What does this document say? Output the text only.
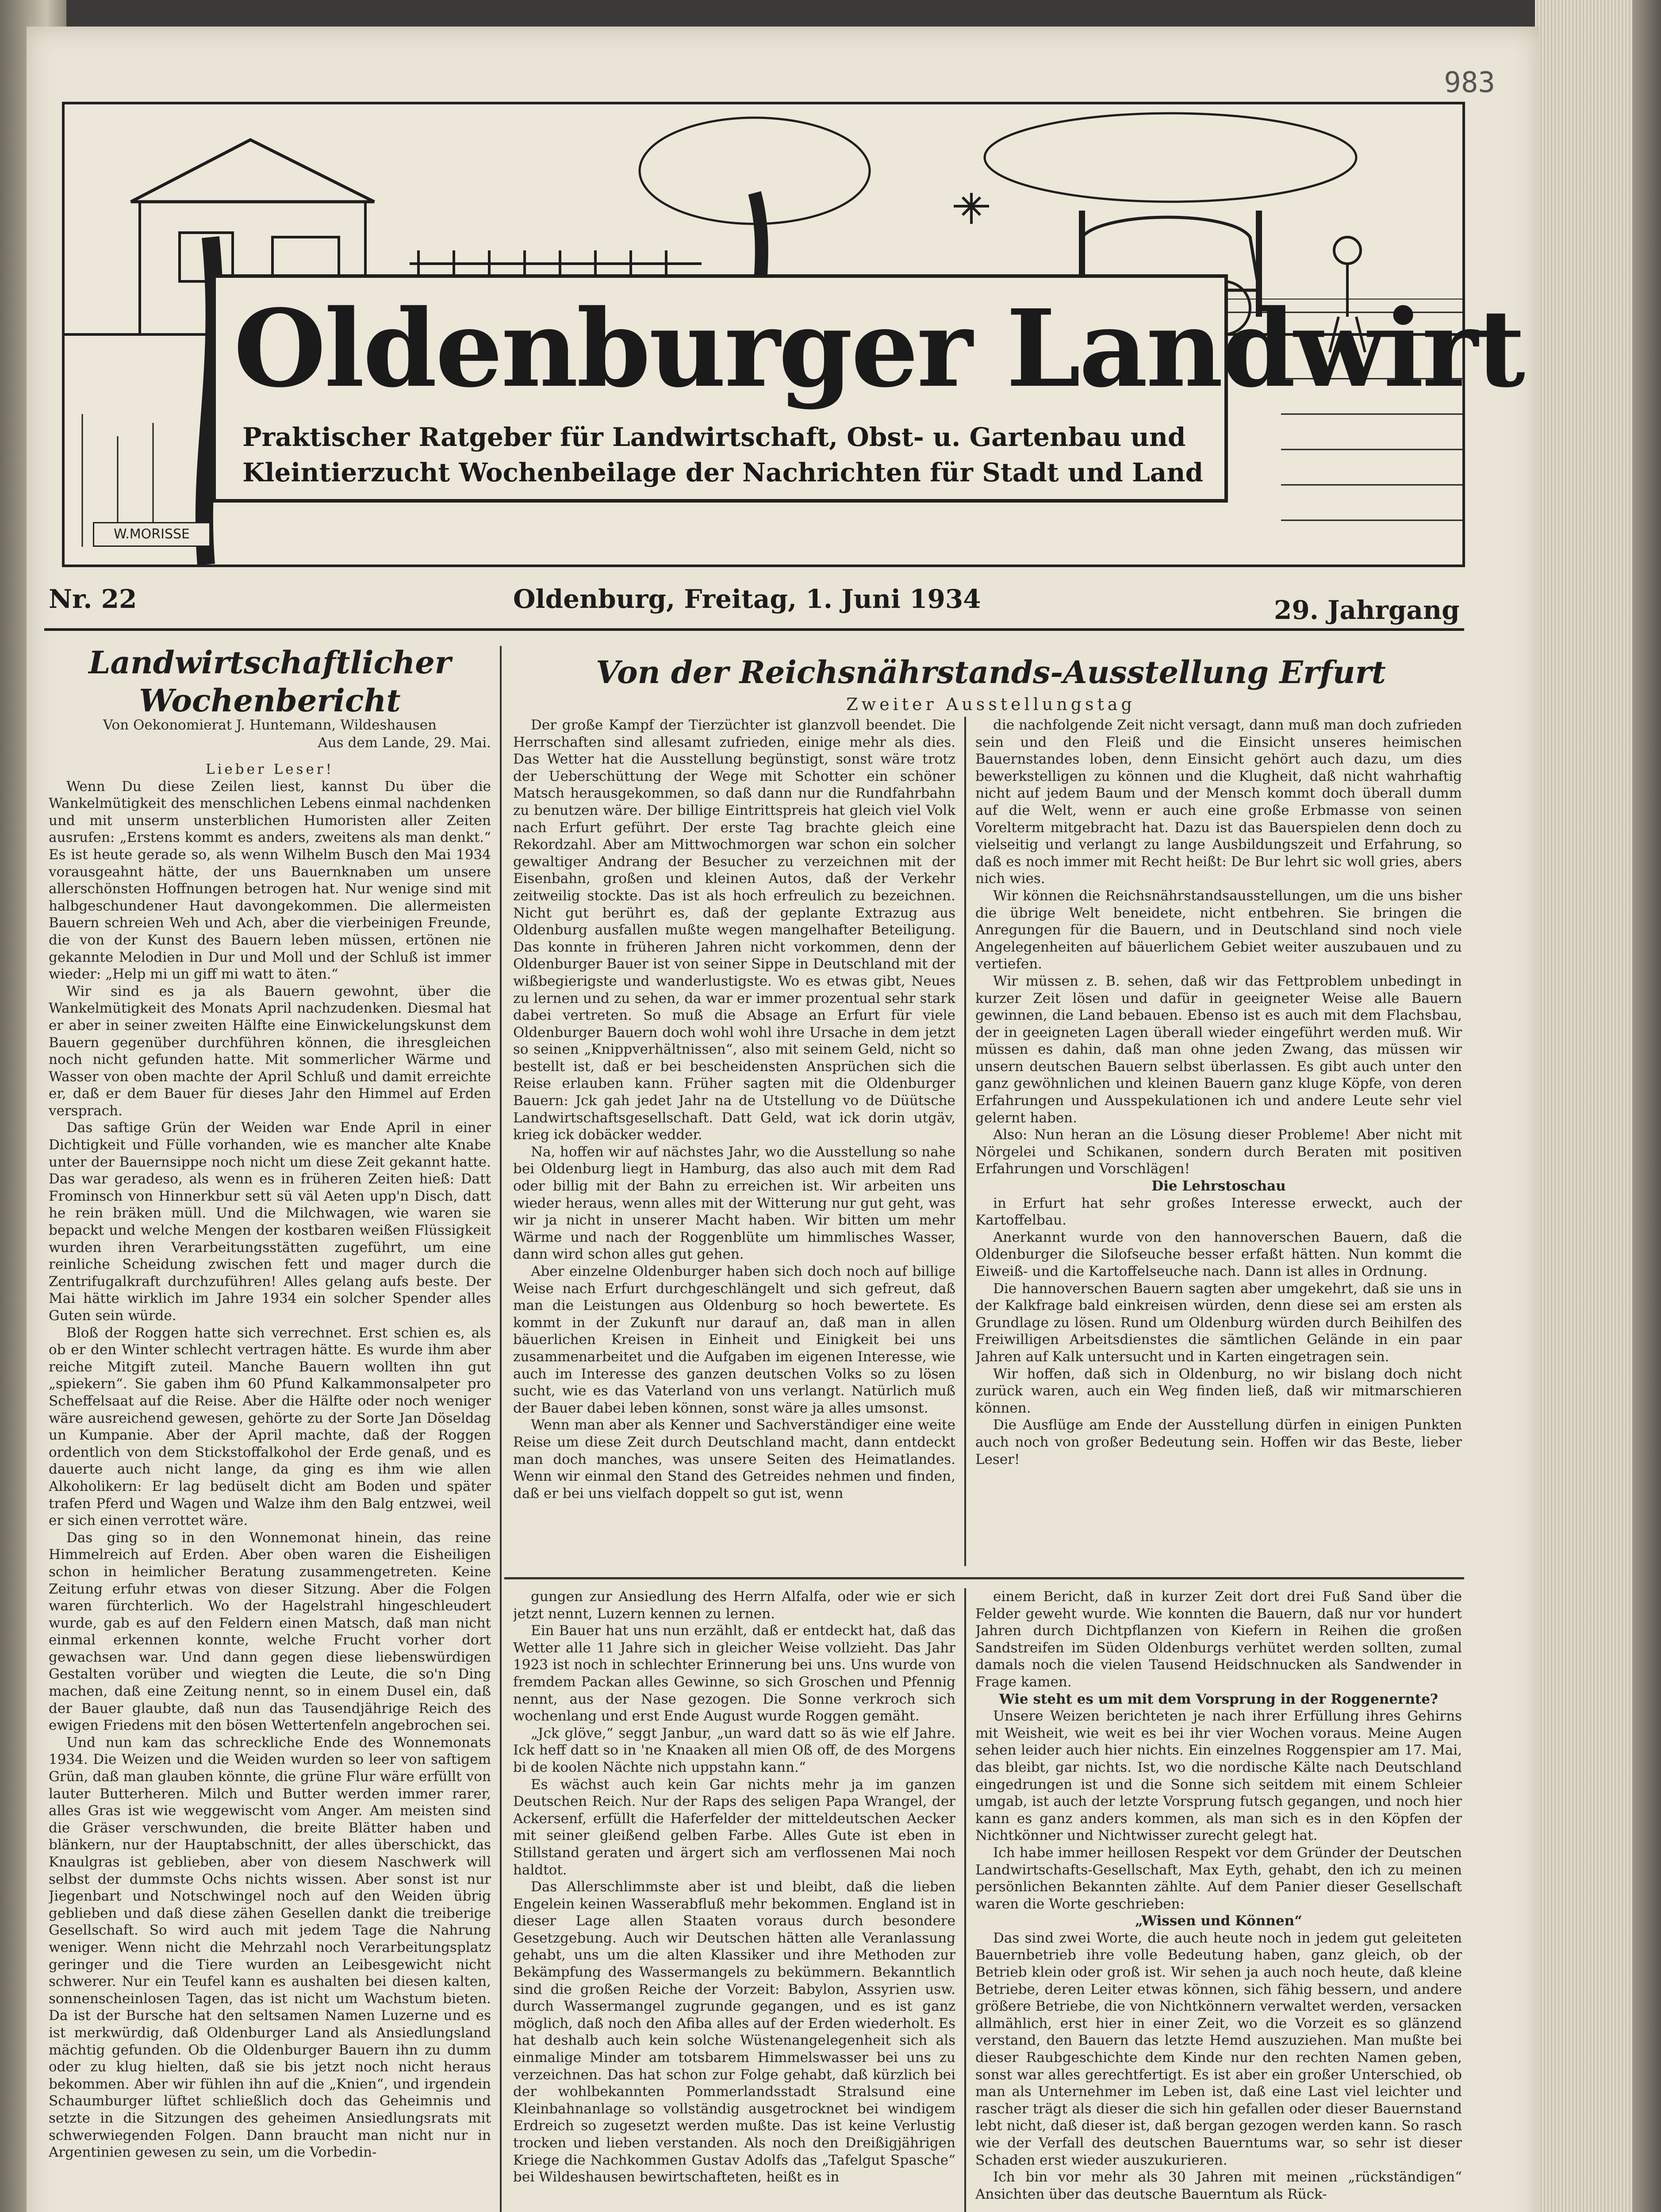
983
Oldenburger Landwirt
Praktischer Ratgeber für Landwirtschaft, Obst- u. Gartenbau und
Kleintierzucht Wochenbeilage der Nachrichten für Stadt und Land
W.MORISSE
Nr. 22	Oldenburg, Freitag, 1. Juni 1934	29. Jahrgang
Landwirtschaftlicher Wochenbericht
Von Oekonomierat J. Huntemann, Wildeshausen
Aus dem Lande, 29. Mai.

Lieber Leser!

Wenn Du diese Zeilen liest, kannst Du über die Wankelmütigkeit des menschlichen Lebens einmal nachdenken und mit unserm unsterblichen Humoristen aller Zeiten ausrufen: „Erstens kommt es anders, zweitens als man denkt.“ Es ist heute gerade so, als wenn Wilhelm Busch den Mai 1934 vorausgeahnt hätte, der uns Bauernknaben um unsere allerschönsten Hoffnungen betrogen hat. Nur wenige sind mit halbgeschundener Haut davongekommen. Die allermeisten Bauern schreien Weh und Ach, aber die vierbeinigen Freunde, die von der Kunst des Bauern leben müssen, ertönen nie gekannte Melodien in Dur und Moll und der Schluß ist immer wieder: „Help mi un giff mi watt to äten.“

Wir sind es ja als Bauern gewohnt, über die Wankelmütigkeit des Monats April nachzudenken. Diesmal hat er aber in seiner zweiten Hälfte eine Einwickelungskunst dem Bauern gegenüber durchführen können, die ihresgleichen noch nicht gefunden hatte. Mit sommerlicher Wärme und Wasser von oben machte der April Schluß und damit erreichte er, daß er dem Bauer für dieses Jahr den Himmel auf Erden versprach.

Das saftige Grün der Weiden war Ende April in einer Dichtigkeit und Fülle vorhanden, wie es mancher alte Knabe unter der Bauernsippe noch nicht um diese Zeit gekannt hatte. Das war geradeso, als wenn es in früheren Zeiten hieß: Datt Frominsch von Hinnerkbur sett sü väl Aeten upp'n Disch, datt he rein bräken müll. Und die Milchwagen, wie waren sie bepackt und welche Mengen der kostbaren weißen Flüssigkeit wurden ihren Verarbeitungsstätten zugeführt, um eine reinliche Scheidung zwischen fett und mager durch die Zentrifugalkraft durchzuführen! Alles gelang aufs beste. Der Mai hätte wirklich im Jahre 1934 ein solcher Spender alles Guten sein würde.

Bloß der Roggen hatte sich verrechnet. Erst schien es, als ob er den Winter schlecht vertragen hätte. Es wurde ihm aber reiche Mitgift zuteil. Manche Bauern wollten ihn gut „spiekern“. Sie gaben ihm 60 Pfund Kalkammonsalpeter pro Scheffelsaat auf die Reise. Aber die Hälfte oder noch weniger wäre ausreichend gewesen, gehörte zu der Sorte Jan Döseldag un Kumpanie. Aber der April machte, daß der Roggen ordentlich von dem Stickstoffalkohol der Erde genaß, und es dauerte auch nicht lange, da ging es ihm wie allen Alkoholikern: Er lag bedüselt dicht am Boden und später trafen Pferd und Wagen und Walze ihm den Balg entzwei, weil er sich einen verrottet wäre.

Das ging so in den Wonnemonat hinein, das reine Himmelreich auf Erden. Aber oben waren die Eisheiligen schon in heimlicher Beratung zusammengetreten. Keine Zeitung erfuhr etwas von dieser Sitzung. Aber die Folgen waren fürchterlich. Wo der Hagelstrahl hingeschleudert wurde, gab es auf den Feldern einen Matsch, daß man nicht einmal erkennen konnte, welche Frucht vorher dort gewachsen war. Und dann gegen diese liebenswürdigen Gestalten vorüber und wiegten die Leute, die so'n Ding machen, daß eine Zeitung nennt, so in einem Dusel ein, daß der Bauer glaubte, daß nun das Tausendjährige Reich des ewigen Friedens mit den bösen Wettertenfeln angebrochen sei.

Und nun kam das schreckliche Ende des Wonnemonats 1934. Die Weizen und die Weiden wurden so leer von saftigem Grün, daß man glauben könnte, die grüne Flur wäre erfüllt von lauter Butterheren. Milch und Butter werden immer rarer, alles Gras ist wie weggewischt vom Anger. Am meisten sind die Gräser verschwunden, die breite Blätter haben und blänkern, nur der Hauptabschnitt, der alles überschickt, das Knaulgras ist geblieben, aber von diesem Naschwerk will selbst der dummste Ochs nichts wissen. Aber sonst ist nur Jiegenbart und Notschwingel noch auf den Weiden übrig geblieben und daß diese zähen Gesellen dankt die treiberige Gesellschaft. So wird auch mit jedem Tage die Nahrung weniger. Wenn nicht die Mehrzahl noch Verarbeitungsplatz geringer und die Tiere wurden an Leibesgewicht nicht schwerer. Nur ein Teufel kann es aushalten bei diesen kalten, sonnenscheinlosen Tagen, das ist nicht um Wachstum bieten. Da ist der Bursche hat den seltsamen Namen Luzerne und es ist merkwürdig, daß Oldenburger Land als Ansiedlungsland mächtig gefunden. Ob die Oldenburger Bauern ihn zu dumm oder zu klug hielten, daß sie bis jetzt noch nicht heraus bekommen. Aber wir fühlen ihn auf die „Knien“, und irgendein Schaumburger lüftet schließlich doch das Geheimnis und setzte in die Sitzungen des geheimen Ansiedlungsrats mit schwerwiegenden Folgen. Dann braucht man nicht nur in Argentinien gewesen zu sein, um die Vorbedin-

Von der Reichsnährstands-Ausstellung Erfurt
Zweiter Ausstellungstag

Der große Kampf der Tierzüchter ist glanzvoll beendet. Die Herrschaften sind allesamt zufrieden, einige mehr als dies. Das Wetter hat die Ausstellung begünstigt, sonst wäre trotz der Ueberschüttung der Wege mit Schotter ein schöner Matsch herausgekommen, so daß dann nur die Rundfahrbahn zu benutzen wäre. Der billige Eintrittspreis hat gleich viel Volk nach Erfurt geführt. Der erste Tag brachte gleich eine Rekordzahl. Aber am Mittwochmorgen war schon ein solcher gewaltiger Andrang der Besucher zu verzeichnen mit der Eisenbahn, großen und kleinen Autos, daß der Verkehr zeitweilig stockte. Das ist als hoch erfreulich zu bezeichnen. Nicht gut berührt es, daß der geplante Extrazug aus Oldenburg ausfallen mußte wegen mangelhafter Beteiligung. Das konnte in früheren Jahren nicht vorkommen, denn der Oldenburger Bauer ist von seiner Sippe in Deutschland mit der wißbegierigste und wanderlustigste. Wo es etwas gibt, Neues zu lernen und zu sehen, da war er immer prozentual sehr stark dabei vertreten. So muß die Absage an Erfurt für viele Oldenburger Bauern doch wohl wohl ihre Ursache in dem jetzt so seinen „Knippverhältnissen“, also mit seinem Geld, nicht so bestellt ist, daß er bei bescheidensten Ansprüchen sich die Reise erlauben kann. Früher sagten mit die Oldenburger Bauern: Jck gah jedet Jahr na de Utstellung vo de Düütsche Landwirtschaftsgesellschaft. Datt Geld, wat ick dorin utgäv, krieg ick dobäcker wedder.

Na, hoffen wir auf nächstes Jahr, wo die Ausstellung so nahe bei Oldenburg liegt in Hamburg, das also auch mit dem Rad oder billig mit der Bahn zu erreichen ist. Wir arbeiten uns wieder heraus, wenn alles mit der Witterung nur gut geht, was wir ja nicht in unserer Macht haben. Wir bitten um mehr Wärme und nach der Roggenblüte um himmlisches Wasser, dann wird schon alles gut gehen.

Aber einzelne Oldenburger haben sich doch noch auf billige Weise nach Erfurt durchgeschlängelt und sich gefreut, daß man die Leistungen aus Oldenburg so hoch bewertete. Es kommt in der Zukunft nur darauf an, daß man in allen bäuerlichen Kreisen in Einheit und Einigkeit bei uns zusammenarbeitet und die Aufgaben im eigenen Interesse, wie auch im Interesse des ganzen deutschen Volks so zu lösen sucht, wie es das Vaterland von uns verlangt. Natürlich muß der Bauer dabei leben können, sonst wäre ja alles umsonst.

Wenn man aber als Kenner und Sachverständiger eine weite Reise um diese Zeit durch Deutschland macht, dann entdeckt man doch manches, was unsere Seiten des Heimatlandes. Wenn wir einmal den Stand des Getreides nehmen und finden, daß er bei uns vielfach doppelt so gut ist, wenn

die nachfolgende Zeit nicht versagt, dann muß man doch zufrieden sein und den Fleiß und die Einsicht unseres heimischen Bauernstandes loben, denn Einsicht gehört auch dazu, um dies bewerkstelligen zu können und die Klugheit, daß nicht wahrhaftig nicht auf jedem Baum und der Mensch kommt doch überall dumm auf die Welt, wenn er auch eine große Erbmasse von seinen Vorelterm mitgebracht hat. Dazu ist das Bauerspielen denn doch zu vielseitig und verlangt zu lange Ausbildungszeit und Erfahrung, so daß es noch immer mit Recht heißt: De Bur lehrt sic woll gries, abers nich wies.

Wir können die Reichsnährstandsausstellungen, um die uns bisher die übrige Welt beneidete, nicht entbehren. Sie bringen die Anregungen für die Bauern, und in Deutschland sind noch viele Angelegenheiten auf bäuerlichem Gebiet weiter auszubauen und zu vertiefen.

Wir müssen z. B. sehen, daß wir das Fettproblem unbedingt in kurzer Zeit lösen und dafür in geeigneter Weise alle Bauern gewinnen, die Land bebauen. Ebenso ist es auch mit dem Flachsbau, der in geeigneten Lagen überall wieder eingeführt werden muß. Wir müssen es dahin, daß man ohne jeden Zwang, das müssen wir unsern deutschen Bauern selbst überlassen. Es gibt auch unter den ganz gewöhnlichen und kleinen Bauern ganz kluge Köpfe, von deren Erfahrungen und Ausspekulationen ich und andere Leute sehr viel gelernt haben.

Also: Nun heran an die Lösung dieser Probleme! Aber nicht mit Nörgelei und Schikanen, sondern durch Beraten mit positiven Erfahrungen und Vorschlägen!

Die Lehrstoschau

in Erfurt hat sehr großes Interesse erweckt, auch der Kartoffelbau.

Anerkannt wurde von den hannoverschen Bauern, daß die Oldenburger die Silofseuche besser erfaßt hätten. Nun kommt die Eiweiß- und die Kartoffelseuche nach. Dann ist alles in Ordnung.

Die hannoverschen Bauern sagten aber umgekehrt, daß sie uns in der Kalkfrage bald einkreisen würden, denn diese sei am ersten als Grundlage zu lösen. Rund um Oldenburg würden durch Beihilfen des Freiwilligen Arbeitsdienstes die sämtlichen Gelände in ein paar Jahren auf Kalk untersucht und in Karten eingetragen sein.

Wir hoffen, daß sich in Oldenburg, no wir bislang doch nicht zurück waren, auch ein Weg finden ließ, daß wir mitmarschieren können.

Die Ausflüge am Ende der Ausstellung dürfen in einigen Punkten auch noch von großer Bedeutung sein. Hoffen wir das Beste, lieber Leser!

gungen zur Ansiedlung des Herrn Alfalfa, oder wie er sich jetzt nennt, Luzern kennen zu lernen.

Ein Bauer hat uns nun erzählt, daß er entdeckt hat, daß das Wetter alle 11 Jahre sich in gleicher Weise vollzieht. Das Jahr 1923 ist noch in schlechter Erinnerung bei uns. Uns wurde von fremdem Packan alles Gewinne, so sich Groschen und Pfennig nennt, aus der Nase gezogen. Die Sonne verkroch sich wochenlang und erst Ende August wurde Roggen gemäht.

„Jck glöve,“ seggt Janbur, „un ward datt so äs wie elf Jahre. Ick heff datt so in 'ne Knaaken all mien Oß off, de des Morgens bi de koolen Nächte nich uppstahn kann.“

Es wächst auch kein Gar nichts mehr ja im ganzen Deutschen Reich. Nur der Raps des seligen Papa Wrangel, der Ackersenf, erfüllt die Haferfelder der mitteldeutschen Aecker mit seiner gleißend gelben Farbe. Alles Gute ist eben in Stillstand geraten und ärgert sich am verflossenen Mai noch haldtot.

Das Allerschlimmste aber ist und bleibt, daß die lieben Engelein keinen Wasserabfluß mehr bekommen. England ist in dieser Lage allen Staaten voraus durch besondere Gesetzgebung. Auch wir Deutschen hätten alle Veranlassung gehabt, uns um die alten Klassiker und ihre Methoden zur Bekämpfung des Wassermangels zu bekümmern. Bekanntlich sind die großen Reiche der Vorzeit: Babylon, Assyrien usw. durch Wassermangel zugrunde gegangen, und es ist ganz möglich, daß noch den Afiba alles auf der Erden wiederholt. Es hat deshalb auch kein solche Wüstenangelegenheit sich als einmalige Minder am totsbarem Himmelswasser bei uns zu verzeichnen. Das hat schon zur Folge gehabt, daß kürzlich bei der wohlbekannten Pommerlandsstadt Stralsund eine Kleinbahnanlage so vollständig ausgetrocknet bei windigem Erdreich so zugesetzt werden mußte. Das ist keine Verlustig trocken und lieben verstanden. Als noch den Dreißigjährigen Kriege die Nachkommen Gustav Adolfs das „Tafelgut Spasche“ bei Wildeshausen bewirtschafteten, heißt es in

einem Bericht, daß in kurzer Zeit dort drei Fuß Sand über die Felder geweht wurde. Wie konnten die Bauern, daß nur vor hundert Jahren durch Dichtpflanzen von Kiefern in Reihen die großen Sandstreifen im Süden Oldenburgs verhütet werden sollten, zumal damals noch die vielen Tausend Heidschnucken als Sandwender in Frage kamen.

Wie steht es um mit dem Vorsprung in der Roggenernte?

Unsere Weizen berichteten je nach ihrer Erfüllung ihres Gehirns mit Weisheit, wie weit es bei ihr vier Wochen voraus. Meine Augen sehen leider auch hier nichts. Ein einzelnes Roggenspier am 17. Mai, das bleibt, gar nichts. Ist, wo die nordische Kälte nach Deutschland eingedrungen ist und die Sonne sich seitdem mit einem Schleier umgab, ist auch der letzte Vorsprung futsch gegangen, und noch hier kann es ganz anders kommen, als man sich es in den Köpfen der Nichtkönner und Nichtwisser zurecht gelegt hat.

Ich habe immer heillosen Respekt vor dem Gründer der Deutschen Landwirtschafts-Gesellschaft, Max Eyth, gehabt, den ich zu meinen persönlichen Bekannten zählte. Auf dem Panier dieser Gesellschaft waren die Worte geschrieben:

„Wissen und Können“

Das sind zwei Worte, die auch heute noch in jedem gut geleiteten Bauernbetrieb ihre volle Bedeutung haben, ganz gleich, ob der Betrieb klein oder groß ist. Wir sehen ja auch noch heute, daß kleine Betriebe, deren Leiter etwas können, sich fähig bessern, und andere größere Betriebe, die von Nichtkönnern verwaltet werden, versacken allmählich, erst hier in einer Zeit, wo die Vorzeit es so glänzend verstand, den Bauern das letzte Hemd auszuziehen. Man mußte bei dieser Raubgeschichte dem Kinde nur den rechten Namen geben, sonst war alles gerechtfertigt. Es ist aber ein großer Unterschied, ob man als Unternehmer im Leben ist, daß eine Last viel leichter und rascher trägt als dieser die sich hin gefallen oder dieser Bauernstand lebt nicht, daß dieser ist, daß bergan gezogen werden kann. So rasch wie der Verfall des deutschen Bauerntums war, so sehr ist dieser Schaden erst wieder auszukurieren.

Ich bin vor mehr als 30 Jahren mit meinen „rückständigen“ Ansichten über das deutsche Bauerntum als Rück-
